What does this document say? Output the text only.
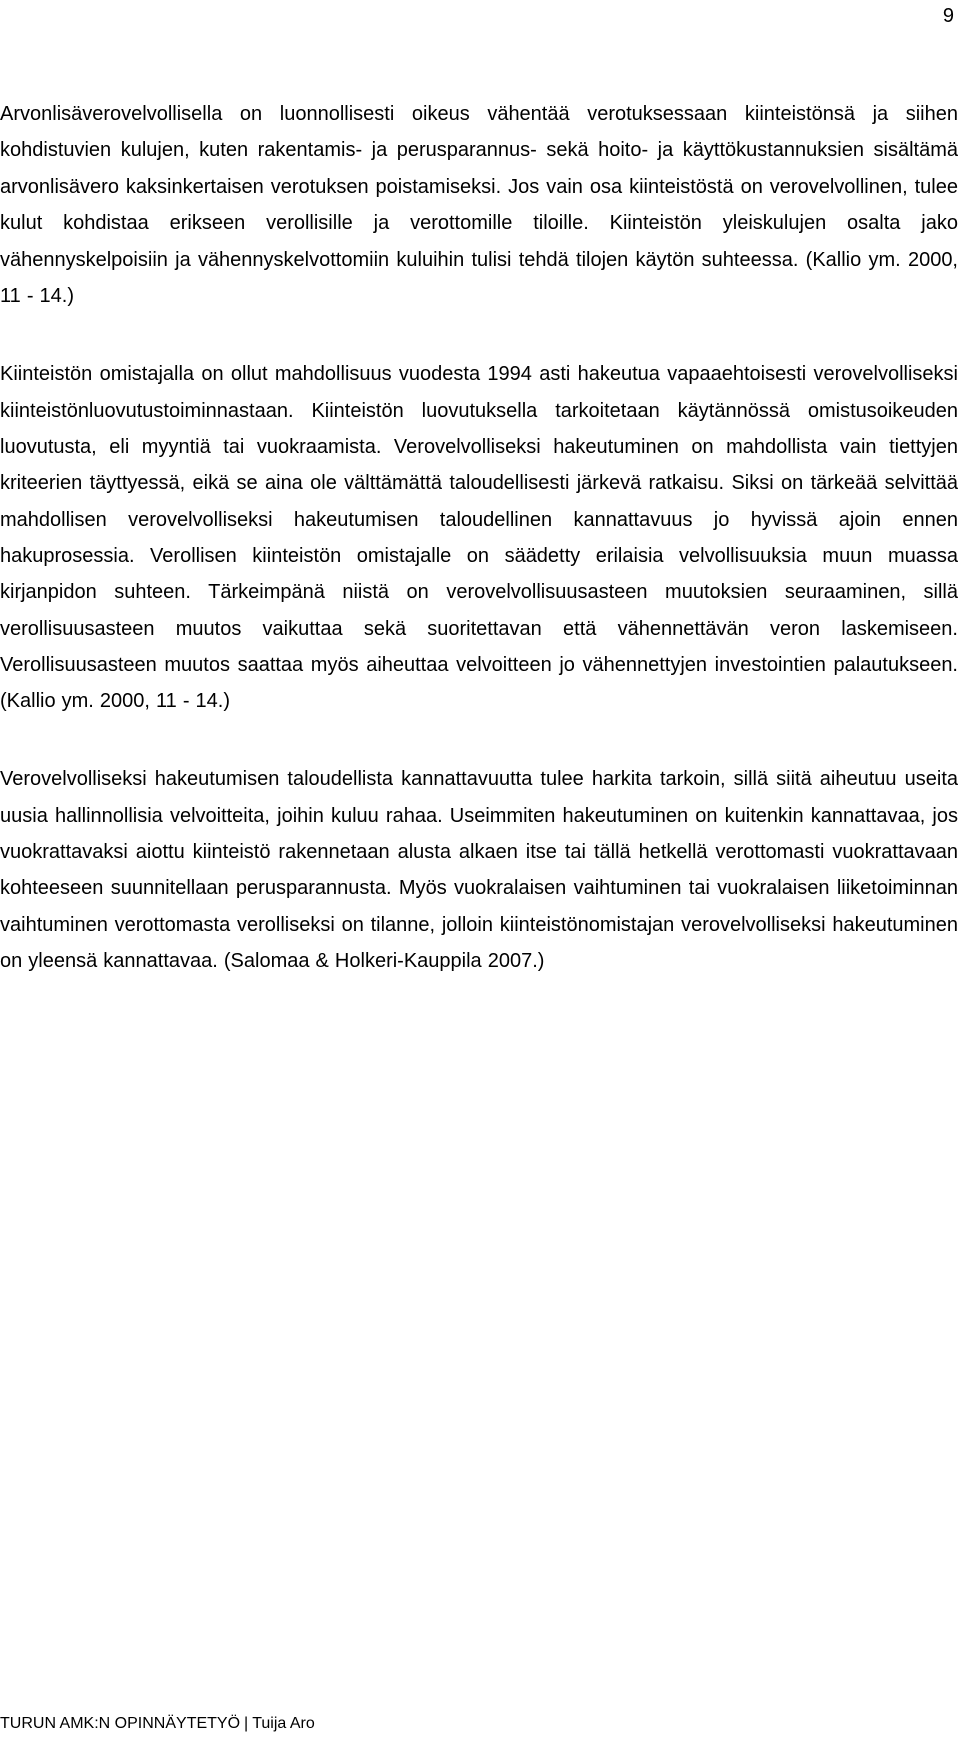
9

Arvonlisäverovelvollisella on luonnollisesti oikeus vähentää verotuksessaan kiinteistönsä ja siihen kohdistuvien kulujen, kuten rakentamis- ja perusparannus- sekä hoito- ja käyttökustannuksien sisältämä arvonlisävero kaksinkertaisen verotuksen poistamiseksi. Jos vain osa kiinteistöstä on verovelvollinen, tulee kulut kohdistaa erikseen verollisille ja verottomille tiloille. Kiinteistön yleiskulujen osalta jako vähennyskelpoisiin ja vähennyskelvottomiin kuluihin tulisi tehdä tilojen käytön suhteessa. (Kallio ym. 2000, 11 - 14.)

Kiinteistön omistajalla on ollut mahdollisuus vuodesta 1994 asti hakeutua vapaaehtoisesti verovelvolliseksi kiinteistönluovutustoiminnastaan. Kiinteistön luovutuksella tarkoitetaan käytännössä omistusoikeuden luovutusta, eli myyntiä tai vuokraamista. Verovelvolliseksi hakeutuminen on mahdollista vain tiettyjen kriteerien täyttyessä, eikä se aina ole välttämättä taloudellisesti järkevä ratkaisu. Siksi on tärkeää selvittää mahdollisen verovelvolliseksi hakeutumisen taloudellinen kannattavuus jo hyvissä ajoin ennen hakuprosessia. Verollisen kiinteistön omistajalle on säädetty erilaisia velvollisuuksia muun muassa kirjanpidon suhteen. Tärkeimpänä niistä on verovelvollisuusasteen muutoksien seuraaminen, sillä verollisuusasteen muutos vaikuttaa sekä suoritettavan että vähennettävän veron laskemiseen. Verollisuusasteen muutos saattaa myös aiheuttaa velvoitteen jo vähennettyjen investointien palautukseen. (Kallio ym. 2000, 11 - 14.)

Verovelvolliseksi hakeutumisen taloudellista kannattavuutta tulee harkita tarkoin, sillä siitä aiheutuu useita uusia hallinnollisia velvoitteita, joihin kuluu rahaa. Useimmiten hakeutuminen on kuitenkin kannattavaa, jos vuokrattavaksi aiottu kiinteistö rakennetaan alusta alkaen itse tai tällä hetkellä verottomasti vuokrattavaan kohteeseen suunnitellaan perusparannusta. Myös vuokralaisen vaihtuminen tai vuokralaisen liiketoiminnan vaihtuminen verottomasta verolliseksi on tilanne, jolloin kiinteistönomistajan verovelvolliseksi hakeutuminen on yleensä kannattavaa. (Salomaa & Holkeri-Kauppila 2007.)

TURUN AMK:N OPINNÄYTETYÖ | Tuija Aro
